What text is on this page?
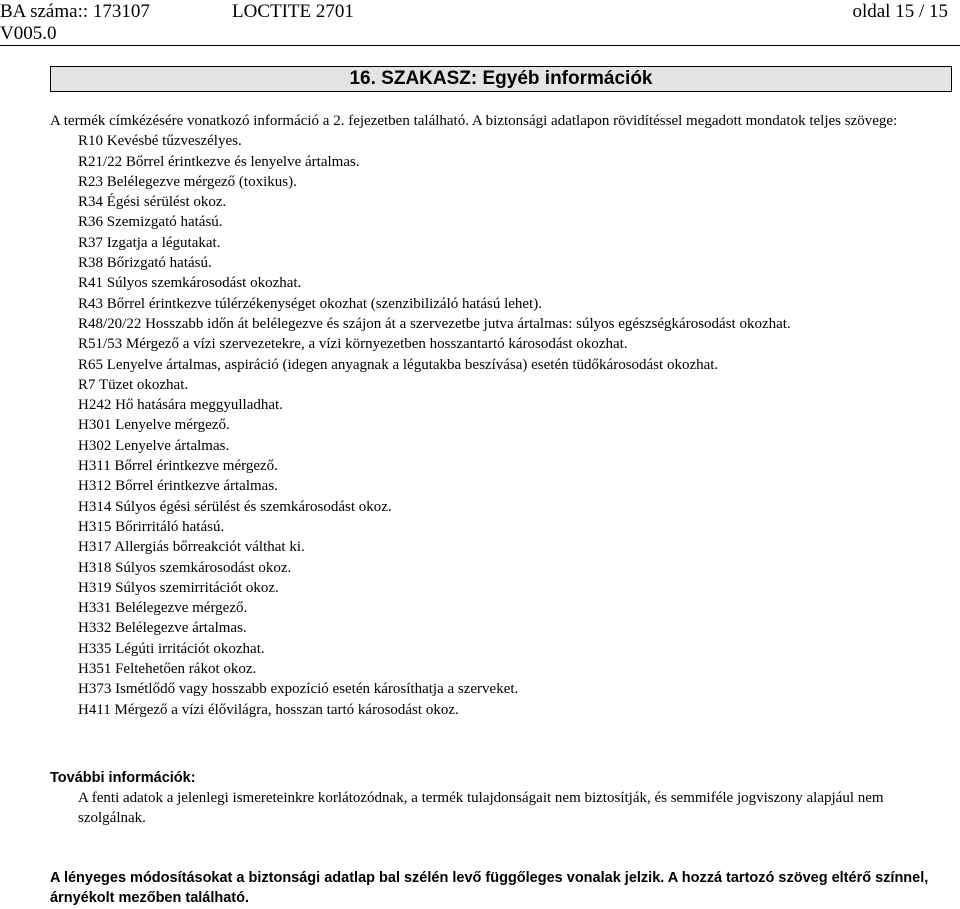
BA száma:: 173107	LOCTITE 2701	oldal 15 / 15
V005.0
16. SZAKASZ: Egyéb információk

A termék címkézésére vonatkozó információ a 2. fejezetben található. A biztonsági adatlapon rövidítéssel megadott mondatok teljes szövege:

R10 Kevésbé tűzveszélyes.
R21/22 Bőrrel érintkezve és lenyelve ártalmas.
R23 Belélegezve mérgező (toxikus).
R34 Égési sérülést okoz.
R36 Szemizgató hatású.
R37 Izgatja a légutakat.
R38 Bőrizgató hatású.
R41 Súlyos szemkárosodást okozhat.
R43 Bőrrel érintkezve túlérzékenységet okozhat (szenzibilizáló hatású lehet).
R48/20/22 Hosszabb időn át belélegezve és szájon át a szervezetbe jutva ártalmas: súlyos egészségkárosodást okozhat.
R51/53 Mérgező a vízi szervezetekre, a vízi környezetben hosszantartó károsodást okozhat.
R65 Lenyelve ártalmas, aspiráció (idegen anyagnak a légutakba beszívása) esetén tüdőkárosodást okozhat.
R7 Tüzet okozhat.
H242 Hő hatására meggyulladhat.
H301 Lenyelve mérgező.
H302 Lenyelve ártalmas.
H311 Bőrrel érintkezve mérgező.
H312 Bőrrel érintkezve ártalmas.
H314 Súlyos égési sérülést és szemkárosodást okoz.
H315 Bőrirritáló hatású.
H317 Allergiás bőrreakciót válthat ki.
H318 Súlyos szemkárosodást okoz.
H319 Súlyos szemirritációt okoz.
H331 Belélegezve mérgező.
H332 Belélegezve ártalmas.
H335 Légúti irritációt okozhat.
H351 Feltehetően rákot okoz.
H373 Ismétlődő vagy hosszabb expozíció esetén károsíthatja a szerveket.
H411 Mérgező a vízi élővilágra, hosszan tartó károsodást okoz.
További információk:
A fenti adatok a jelenlegi ismereteinkre korlátozódnak, a termék tulajdonságait nem biztosítják, és semmiféle jogviszony alapjául nem szolgálnak.
A lényeges módosításokat a biztonsági adatlap bal szélén levő függőleges vonalak jelzik. A hozzá tartozó szöveg eltérő színnel, árnyékolt mezőben található.
